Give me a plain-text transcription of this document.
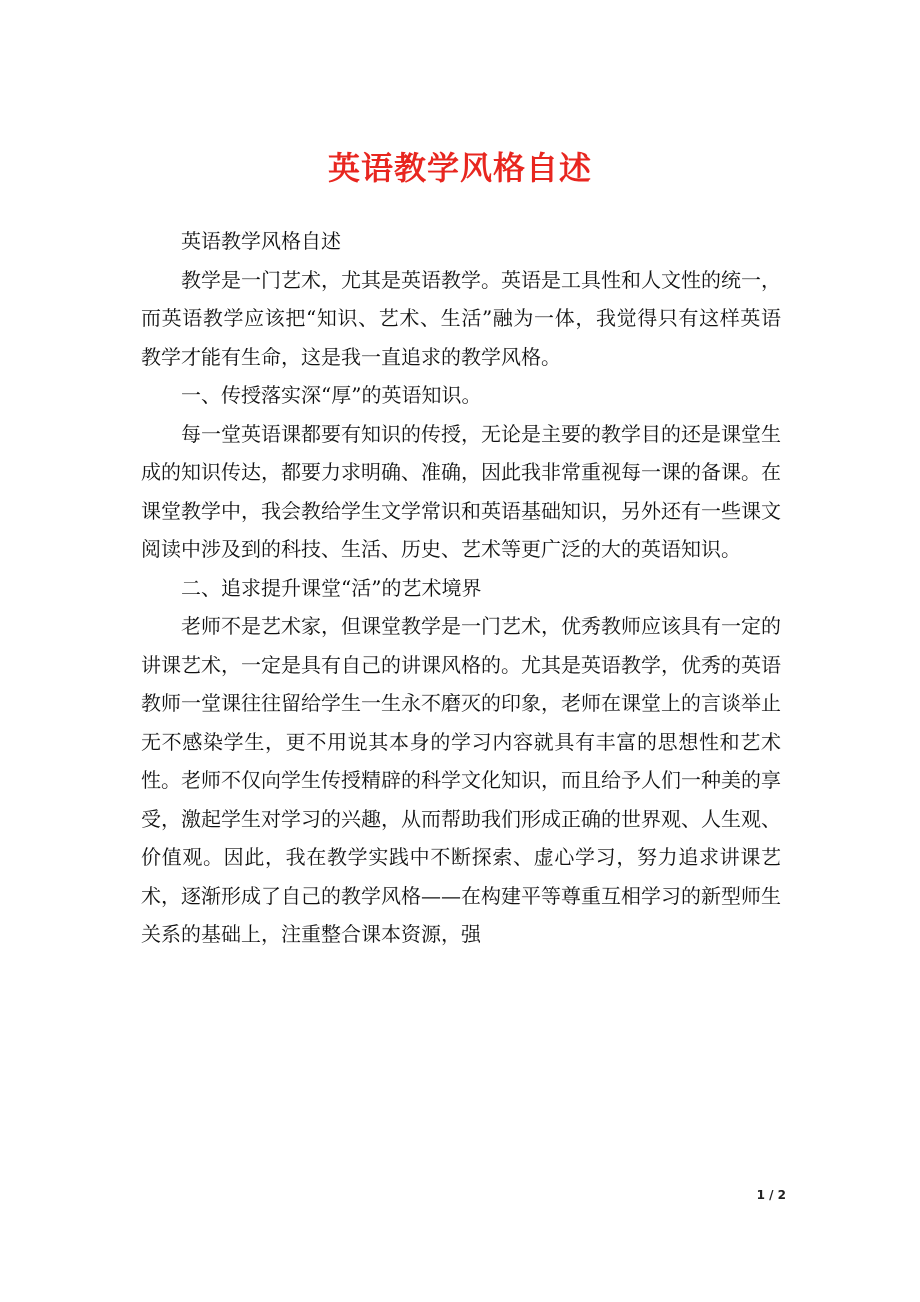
英语教学风格自述

英语教学风格自述

教学是一门艺术，尤其是英语教学。英语是工具性和人文性的统一，而英语教学应该把“知识、艺术、生活”融为一体，我觉得只有这样英语教学才能有生命，这是我一直追求的教学风格。

一、传授落实深“厚”的英语知识。

每一堂英语课都要有知识的传授，无论是主要的教学目的还是课堂生成的知识传达，都要力求明确、准确，因此我非常重视每一课的备课。在课堂教学中，我会教给学生文学常识和英语基础知识，另外还有一些课文阅读中涉及到的科技、生活、历史、艺术等更广泛的大的英语知识。

二、追求提升课堂“活”的艺术境界

老师不是艺术家，但课堂教学是一门艺术，优秀教师应该具有一定的讲课艺术，一定是具有自己的讲课风格的。尤其是英语教学，优秀的英语教师一堂课往往留给学生一生永不磨灭的印象，老师在课堂上的言谈举止无不感染学生，更不用说其本身的学习内容就具有丰富的思想性和艺术性。老师不仅向学生传授精辟的科学文化知识，而且给予人们一种美的享受，激起学生对学习的兴趣，从而帮助我们形成正确的世界观、人生观、价值观。因此，我在教学实践中不断探索、虚心学习，努力追求讲课艺术，逐渐形成了自己的教学风格——在构建平等尊重互相学习的新型师生关系的基础上，注重整合课本资源，强

1 / 2
